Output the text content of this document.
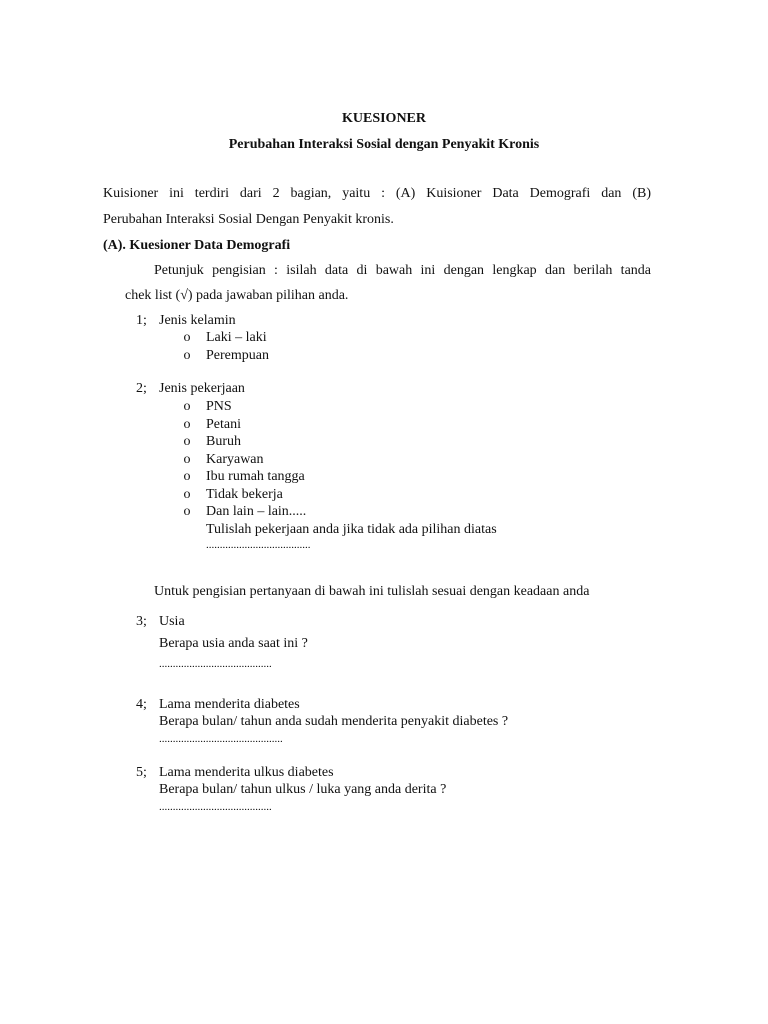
KUESIONER
Perubahan Interaksi Sosial dengan Penyakit Kronis
Kuisioner ini terdiri dari 2 bagian, yaitu : (A) Kuisioner Data Demografi dan (B)
Perubahan Interaksi Sosial Dengan Penyakit kronis.
(A). Kuesioner Data Demografi
Petunjuk pengisian : isilah data di bawah ini dengan lengkap dan berilah tanda
chek list (√) pada jawaban pilihan anda.
1; Jenis kelamin
o Laki – laki
o Perempuan
2; Jenis pekerjaan
o PNS
o Petani
o Buruh
o Karyawan
o Ibu rumah tangga
o Tidak bekerja
o Dan lain – lain.....
Tulislah pekerjaan anda jika tidak ada pilihan diatas
......................................
Untuk pengisian pertanyaan di bawah ini tulislah sesuai dengan keadaan anda
3; Usia
Berapa usia anda saat ini ?
.........................................
4; Lama menderita diabetes
Berapa bulan/ tahun anda sudah menderita penyakit diabetes ?
.............................................
5; Lama menderita ulkus diabetes
Berapa bulan/ tahun ulkus / luka yang anda derita ?
.........................................
